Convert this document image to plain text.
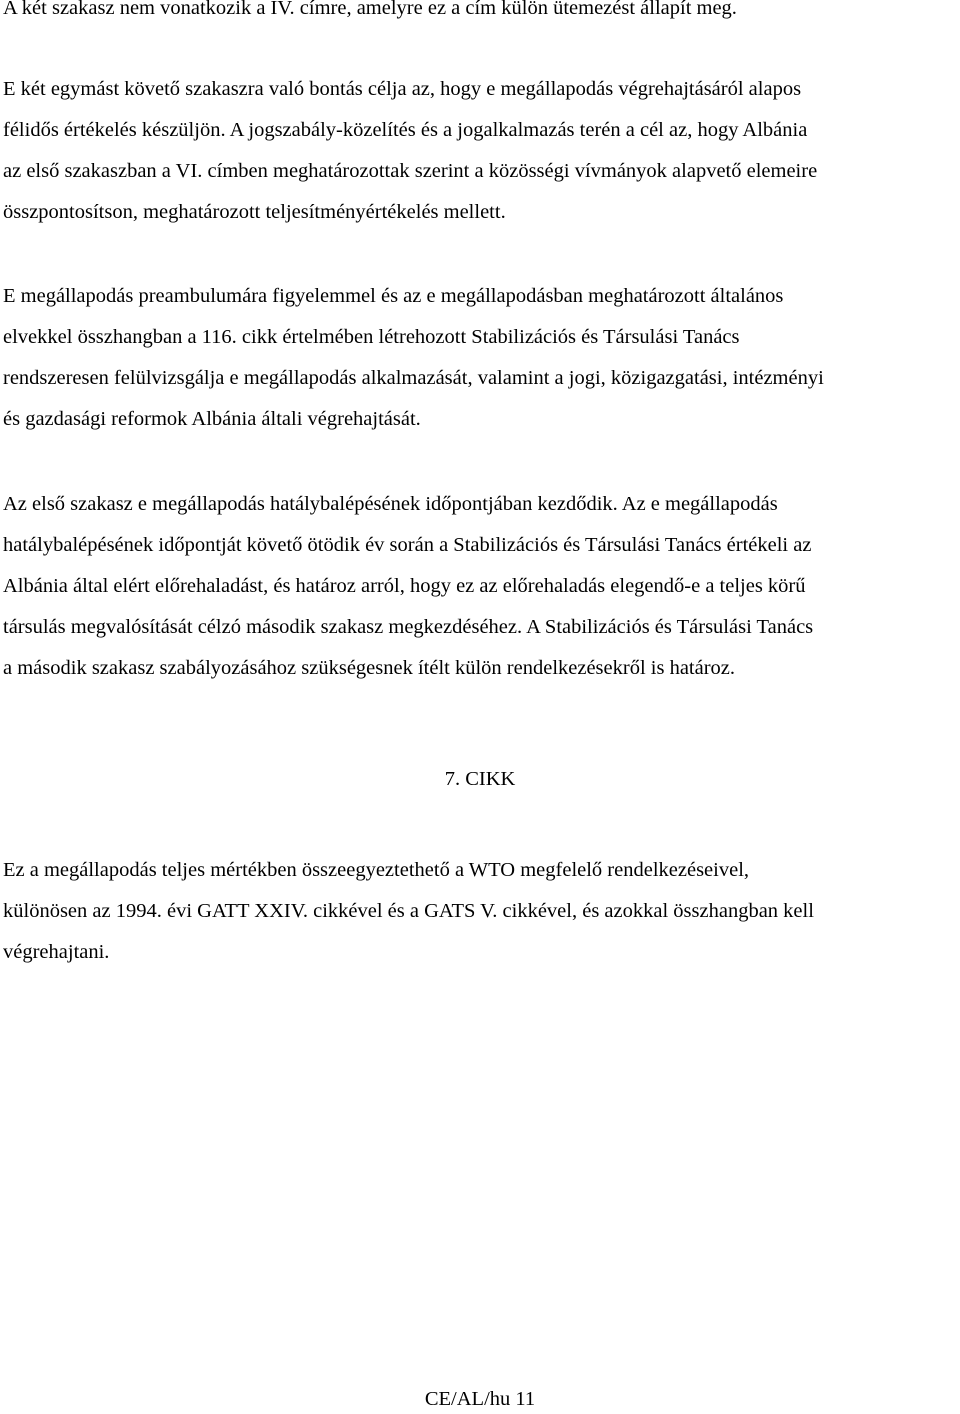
A két szakasz nem vonatkozik a IV. címre, amelyre ez a cím külön ütemezést állapít meg.

E két egymást követő szakaszra való bontás célja az, hogy e megállapodás végrehajtásáról alapos
félidős értékelés készüljön. A jogszabály-közelítés és a jogalkalmazás terén a cél az, hogy Albánia
az első szakaszban a VI. címben meghatározottak szerint a közösségi vívmányok alapvető elemeire
összpontosítson, meghatározott teljesítményértékelés mellett.

E megállapodás preambulumára figyelemmel és az e megállapodásban meghatározott általános
elvekkel összhangban a 116. cikk értelmében létrehozott Stabilizációs és Társulási Tanács
rendszeresen felülvizsgálja e megállapodás alkalmazását, valamint a jogi, közigazgatási, intézményi
és gazdasági reformok Albánia általi végrehajtását.

Az első szakasz e megállapodás hatálybalépésének időpontjában kezdődik. Az e megállapodás
hatálybalépésének időpontját követő ötödik év során a Stabilizációs és Társulási Tanács értékeli az
Albánia által elért előrehaladást, és határoz arról, hogy ez az előrehaladás elegendő-e a teljes körű
társulás megvalósítását célzó második szakasz megkezdéséhez. A Stabilizációs és Társulási Tanács
a második szakasz szabályozásához szükségesnek ítélt külön rendelkezésekről is határoz.

7. CIKK

Ez a megállapodás teljes mértékben összeegyeztethető a WTO megfelelő rendelkezéseivel,
különösen az 1994. évi GATT XXIV. cikkével és a GATS V. cikkével, és azokkal összhangban kell
végrehajtani.

CE/AL/hu 11
